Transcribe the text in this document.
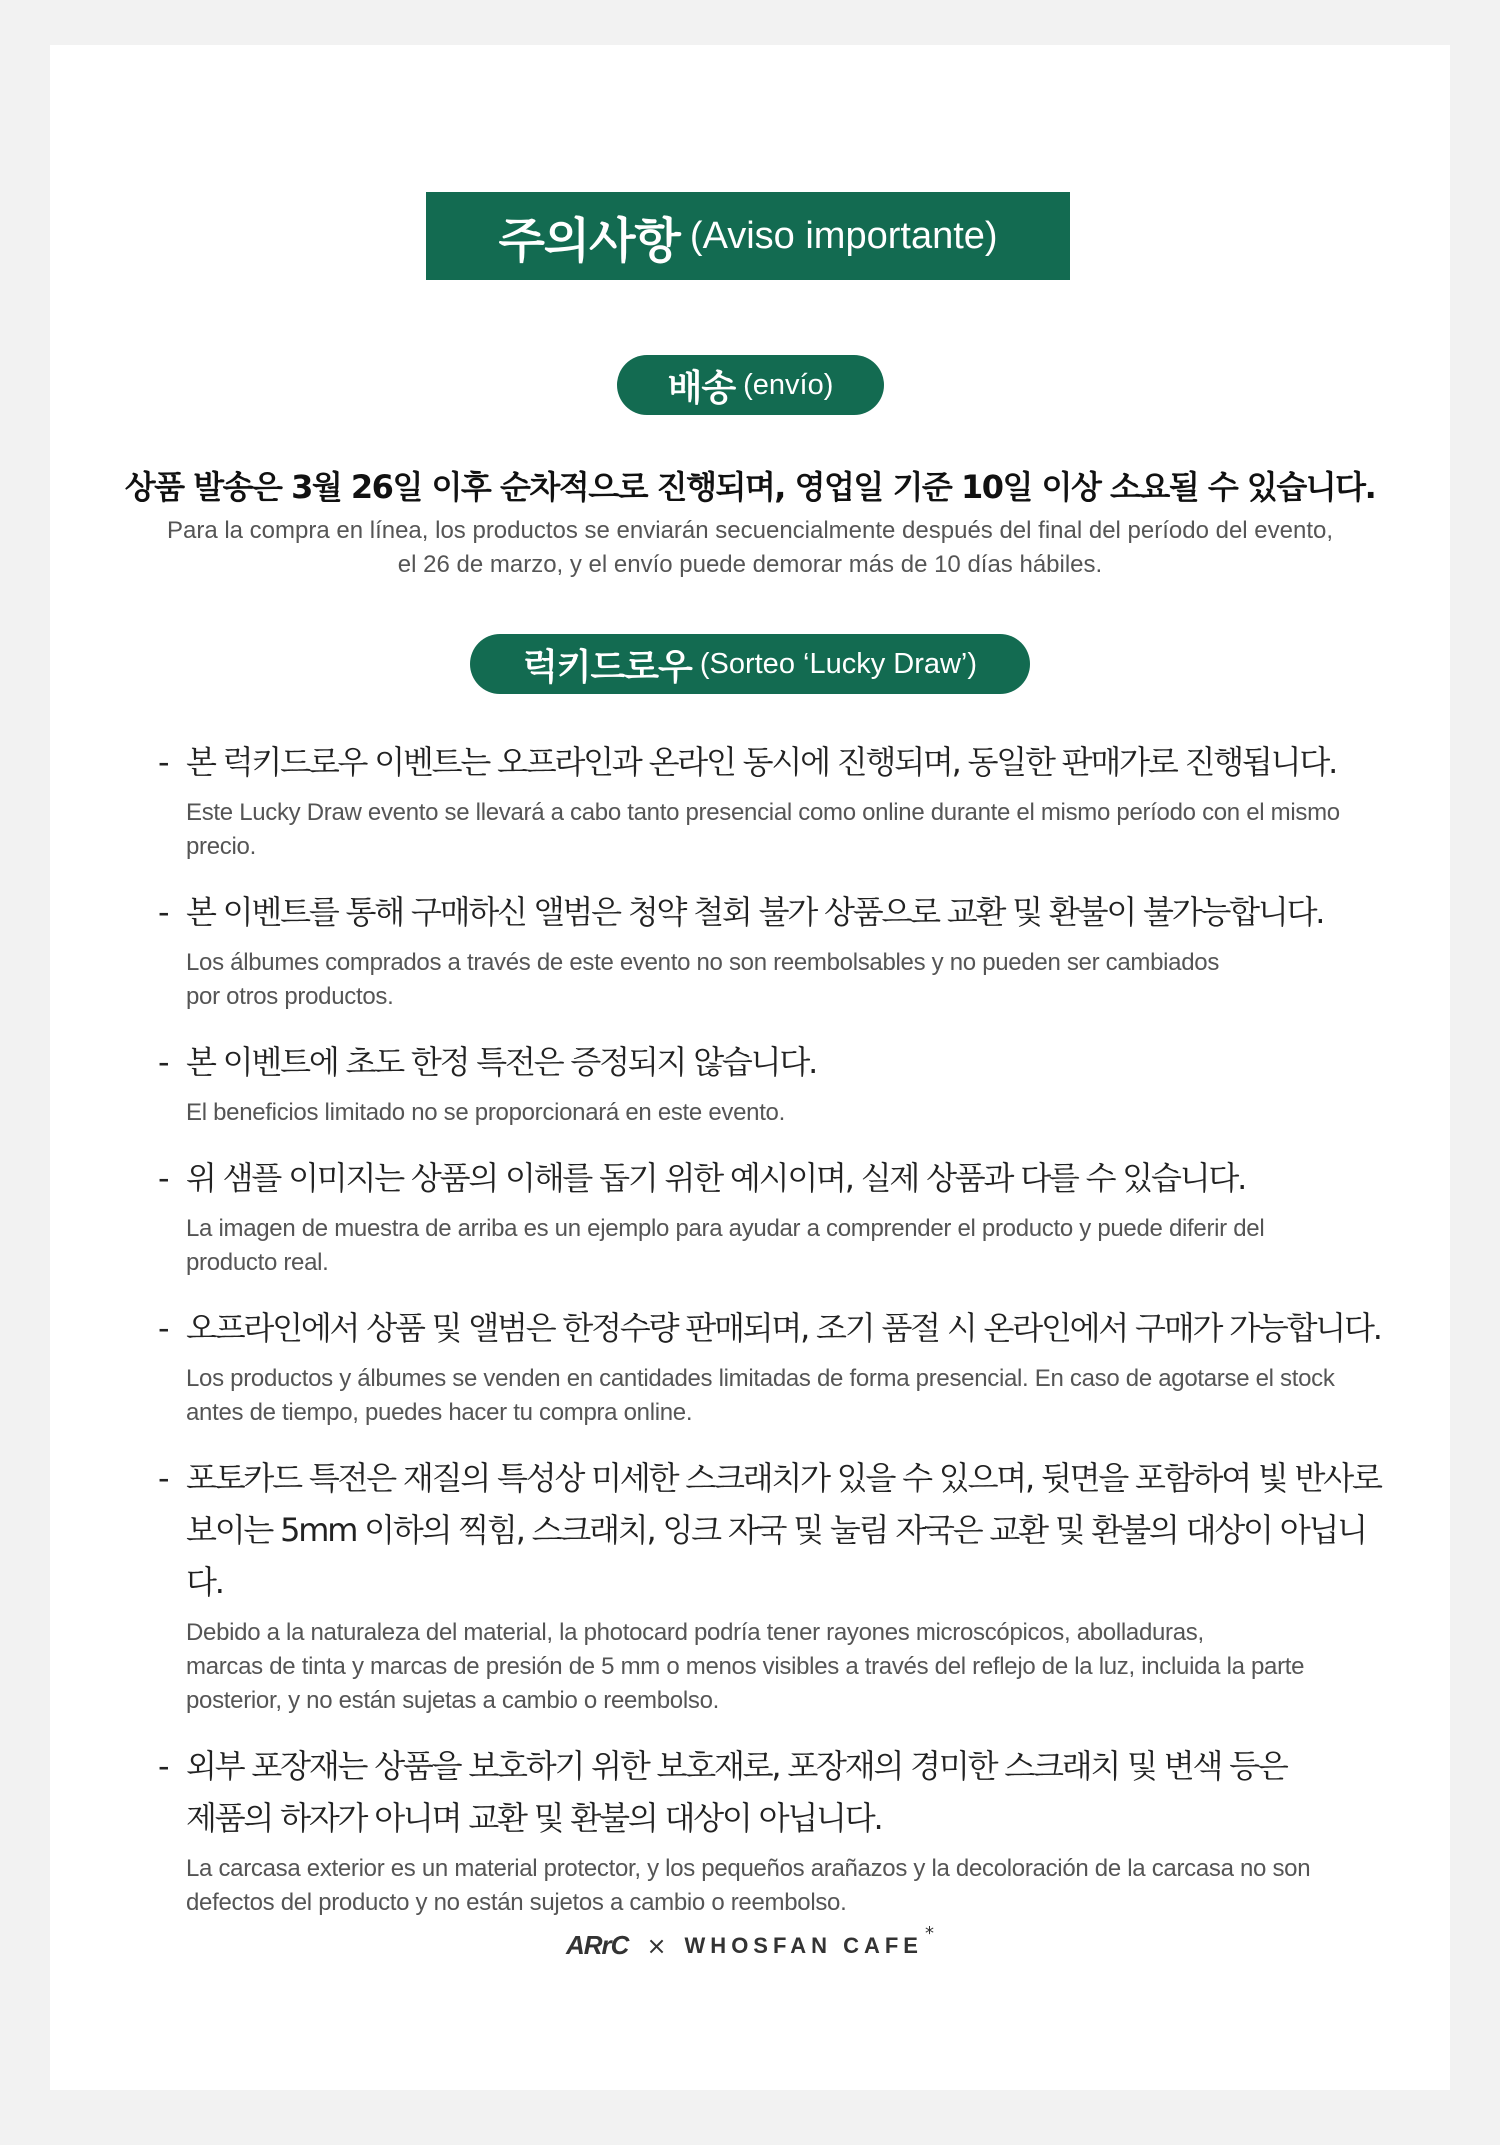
주의사항 (Aviso importante)
배송 (envío)
상품 발송은 3월 26일 이후 순차적으로 진행되며, 영업일 기준 10일 이상 소요될 수 있습니다.
Para la compra en línea, los productos se enviarán secuencialmente después del final del período del evento,
el 26 de marzo, y el envío puede demorar más de 10 días hábiles.
럭키드로우 (Sorteo ‘Lucky Draw’)
- 본 럭키드로우 이벤트는 오프라인과 온라인 동시에 진행되며, 동일한 판매가로 진행됩니다.
Este Lucky Draw evento se llevará a cabo tanto presencial como online durante el mismo período con el mismo precio.
- 본 이벤트를 통해 구매하신 앨범은 청약 철회 불가 상품으로 교환 및 환불이 불가능합니다.
Los álbumes comprados a través de este evento no son reembolsables y no pueden ser cambiados
por otros productos.
- 본 이벤트에 초도 한정 특전은 증정되지 않습니다.
El beneficios limitado no se proporcionará en este evento.
- 위 샘플 이미지는 상품의 이해를 돕기 위한 예시이며, 실제 상품과 다를 수 있습니다.
La imagen de muestra de arriba es un ejemplo para ayudar a comprender el producto y puede diferir del
producto real.
- 오프라인에서 상품 및 앨범은 한정수량 판매되며, 조기 품절 시 온라인에서 구매가 가능합니다.
Los productos y álbumes se venden en cantidades limitadas de forma presencial. En caso de agotarse el stock
antes de tiempo, puedes hacer tu compra online.
- 포토카드 특전은 재질의 특성상 미세한 스크래치가 있을 수 있으며, 뒷면을 포함하여 빛 반사로
보이는 5mm 이하의 찍힘, 스크래치, 잉크 자국 및 눌림 자국은 교환 및 환불의 대상이 아닙니다.
Debido a la naturaleza del material, la photocard podría tener rayones microscópicos, abolladuras,
marcas de tinta y marcas de presión de 5 mm o menos visibles a través del reflejo de la luz, incluida la parte
posterior, y no están sujetas a cambio o reembolso.
- 외부 포장재는 상품을 보호하기 위한 보호재로, 포장재의 경미한 스크래치 및 변색 등은
제품의 하자가 아니며 교환 및 환불의 대상이 아닙니다.
La carcasa exterior es un material protector, y los pequeños arañazos y la decoloración de la carcasa no son
defectos del producto y no están sujetos a cambio o reembolso.
ARrC × WHOSFAN CAFE *
